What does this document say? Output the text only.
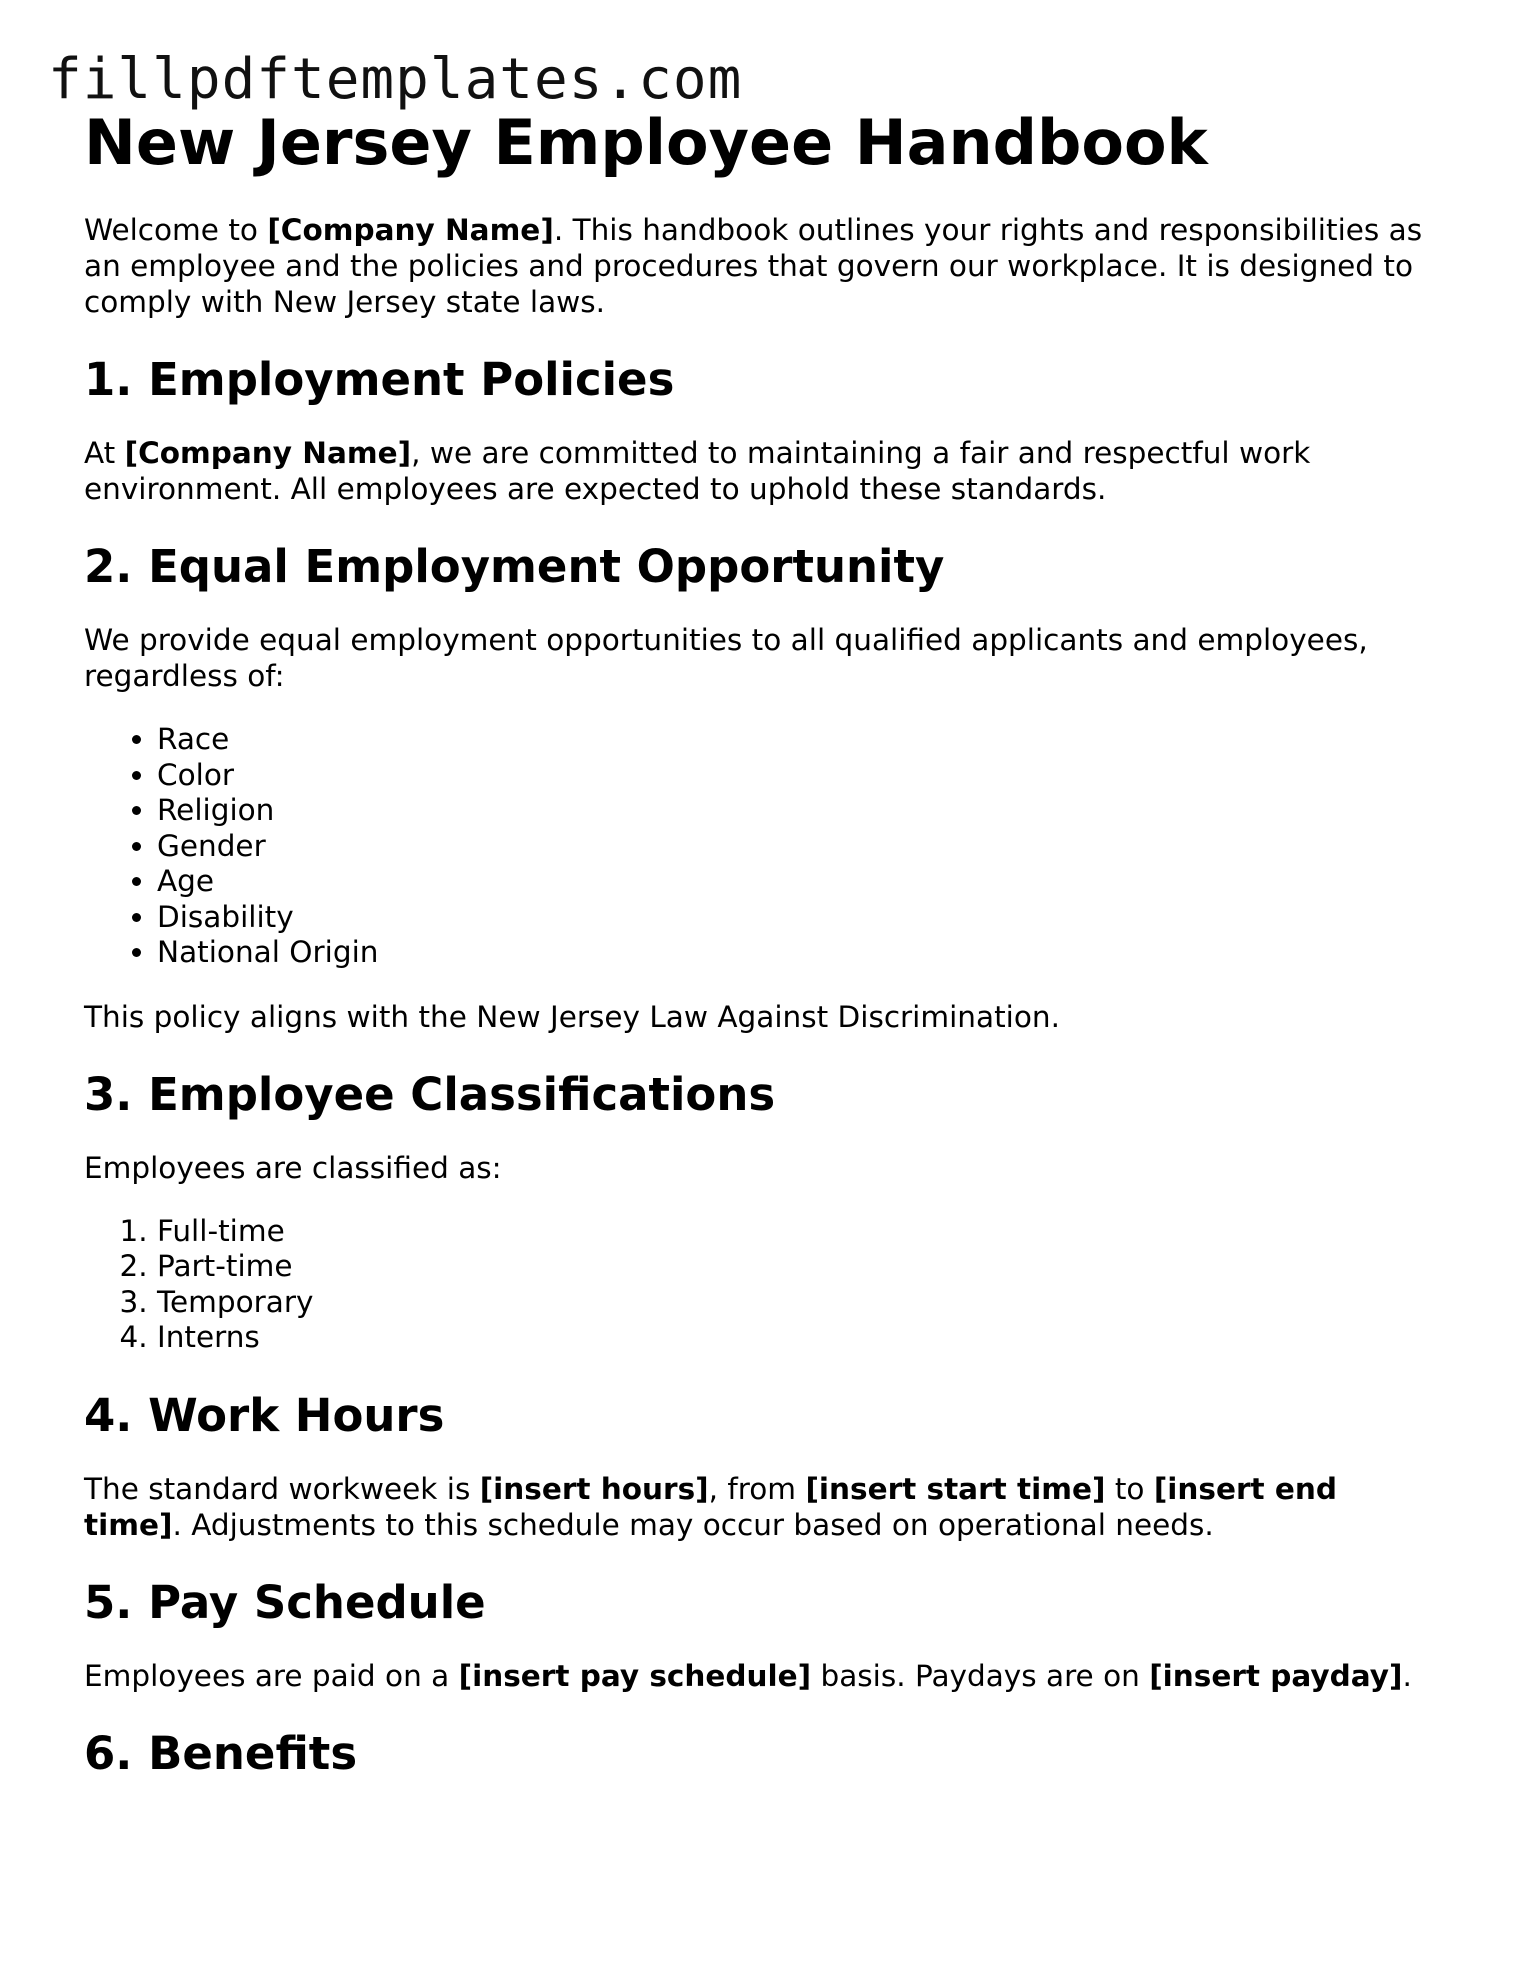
fillpdftemplates.com
New Jersey Employee Handbook

Welcome to [Company Name]. This handbook outlines your rights and responsibilities as an employee and the policies and procedures that govern our workplace. It is designed to comply with New Jersey state laws.

1. Employment Policies

At [Company Name], we are committed to maintaining a fair and respectful work environment. All employees are expected to uphold these standards.

2. Equal Employment Opportunity

We provide equal employment opportunities to all qualified applicants and employees, regardless of:

• Race
• Color
• Religion
• Gender
• Age
• Disability
• National Origin

This policy aligns with the New Jersey Law Against Discrimination.

3. Employee Classifications

Employees are classified as:

1. Full-time
2. Part-time
3. Temporary
4. Interns
4. Work Hours

The standard workweek is [insert hours], from [insert start time] to [insert end time]. Adjustments to this schedule may occur based on operational needs.

5. Pay Schedule

Employees are paid on a [insert pay schedule] basis. Paydays are on [insert payday].

6. Benefits
